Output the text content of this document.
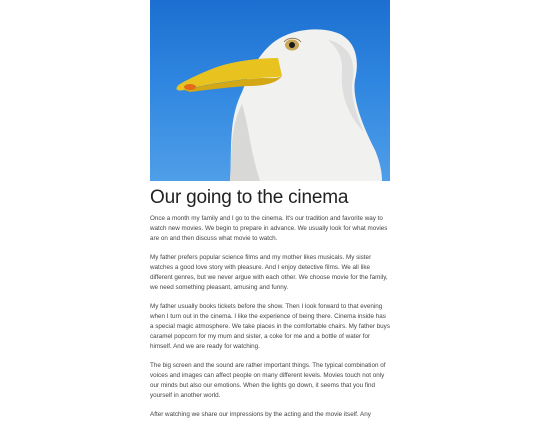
Our going to the cinema

Once a month my family and I go to the cinema. It's our tradition and favorite way to watch new movies. We begin to prepare in advance. We usually look for what movies are on and then discuss what movie to watch.

My father prefers popular science films and my mother likes musicals. My sister watches a good love story with pleasure. And I enjoy detective films. We all like different genres, but we never argue with each other. We choose movie for the family, we need something pleasant, amusing and funny.

My father usually books tickets before the show. Then I look forward to that evening when I turn out in the cinema. I like the experience of being there. Cinema inside has a special magic atmosphere. We take places in the comfortable chairs. My father buys caramel popcorn for my mum and sister, a coke for me and a bottle of water for himself. And we are ready for watching.

The big screen and the sound are rather important things. The typical combination of voices and images can affect people on many different levels. Movies touch not only our minds but also our emotions. When the lights go down, it seems that you find yourself in another world.

After watching we share our impressions by the acting and the movie itself. Any
